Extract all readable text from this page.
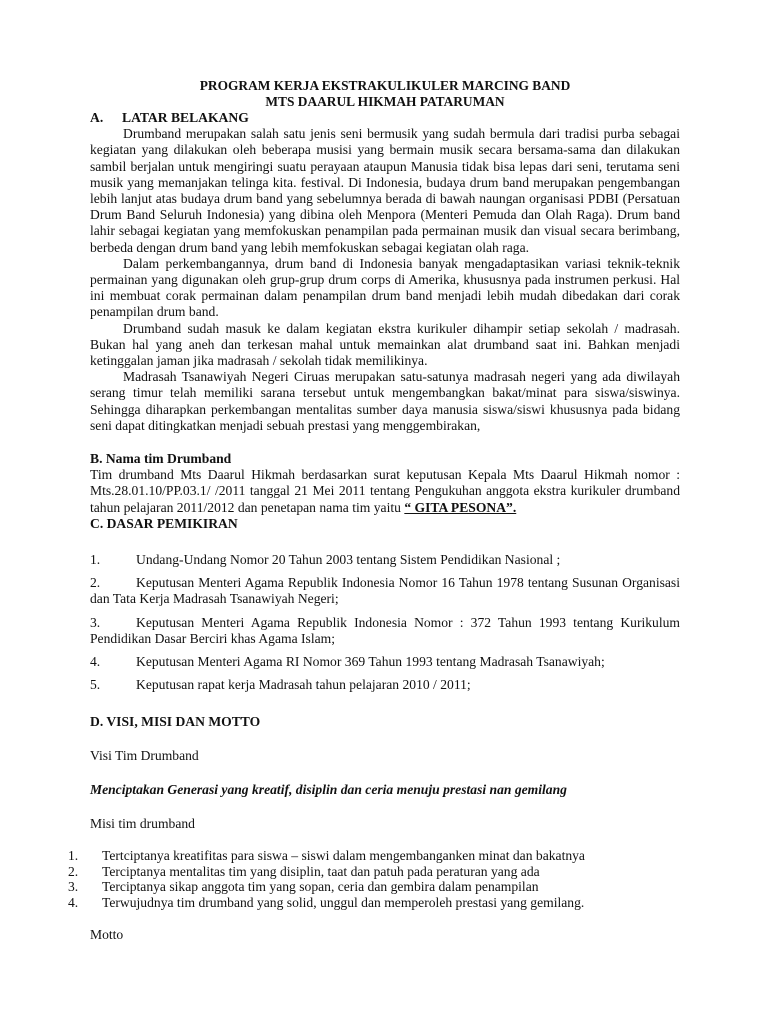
PROGRAM KERJA EKSTRAKULIKULER MARCING BAND

MTS DAARUL HIKMAH PATARUMAN

A.	LATAR BELAKANG

Drumband merupakan salah satu jenis seni bermusik yang sudah bermula dari tradisi purba sebagai kegiatan yang dilakukan oleh beberapa musisi yang bermain musik secara bersama-sama dan dilakukan sambil berjalan untuk mengiringi suatu perayaan ataupun Manusia tidak bisa lepas dari seni, terutama seni musik yang memanjakan telinga kita. festival. Di Indonesia, budaya drum band merupakan pengembangan lebih lanjut atas budaya drum band yang sebelumnya berada di bawah naungan organisasi PDBI (Persatuan Drum Band Seluruh Indonesia) yang dibina oleh Menpora (Menteri Pemuda dan Olah Raga). Drum band lahir sebagai kegiatan yang memfokuskan penampilan pada permainan musik dan visual secara berimbang, berbeda dengan drum band yang lebih memfokuskan sebagai kegiatan olah raga.

Dalam perkembangannya, drum band di Indonesia banyak mengadaptasikan variasi teknik-teknik permainan yang digunakan oleh grup-grup drum corps di Amerika, khususnya pada instrumen perkusi. Hal ini membuat corak permainan dalam penampilan drum band menjadi lebih mudah dibedakan dari corak penampilan drum band.

Drumband sudah masuk ke dalam kegiatan ekstra kurikuler dihampir setiap sekolah / madrasah. Bukan hal yang aneh dan terkesan mahal untuk memainkan alat drumband saat ini. Bahkan menjadi ketinggalan jaman jika madrasah / sekolah tidak memilikinya.

Madrasah Tsanawiyah Negeri Ciruas merupakan satu-satunya madrasah negeri yang ada diwilayah serang timur telah memiliki sarana tersebut untuk mengembangkan bakat/minat para siswa/siswinya. Sehingga diharapkan perkembangan mentalitas sumber daya manusia siswa/siswi khususnya pada bidang seni dapat ditingkatkan menjadi sebuah prestasi yang menggembirakan,

B. Nama tim Drumband

Tim drumband Mts Daarul Hikmah berdasarkan surat keputusan Kepala Mts Daarul Hikmah nomor : Mts.28.01.10/PP.03.1/ /2011 tanggal 21 Mei 2011 tentang Pengukuhan anggota ekstra kurikuler drumband tahun pelajaran 2011/2012 dan penetapan nama tim yaitu “ GITA PESONA”.

C. DASAR PEMIKIRAN

1.	Undang-Undang Nomor 20 Tahun 2003 tentang Sistem Pendidikan Nasional ;
2.	Keputusan Menteri Agama Republik Indonesia Nomor 16 Tahun 1978 tentang Susunan Organisasi dan Tata Kerja Madrasah Tsanawiyah Negeri;
3.	Keputusan Menteri Agama Republik Indonesia Nomor : 372 Tahun 1993 tentang Kurikulum Pendidikan Dasar Berciri khas Agama Islam;
4.	Keputusan Menteri Agama RI Nomor 369 Tahun 1993 tentang Madrasah Tsanawiyah;
5.	Keputusan rapat kerja Madrasah tahun pelajaran 2010 / 2011;

D. VISI, MISI DAN MOTTO

Visi Tim Drumband

Menciptakan Generasi yang kreatif, disiplin dan ceria menuju prestasi nan gemilang

Misi tim drumband

1.	Tertciptanya kreatifitas para siswa – siswi dalam mengembanganken minat dan bakatnya
2.	Terciptanya mentalitas tim yang disiplin, taat dan patuh pada peraturan yang ada
3.	Terciptanya sikap anggota tim yang sopan, ceria dan gembira dalam penampilan
4.	Terwujudnya tim drumband yang solid, unggul dan memperoleh prestasi yang gemilang.

Motto
